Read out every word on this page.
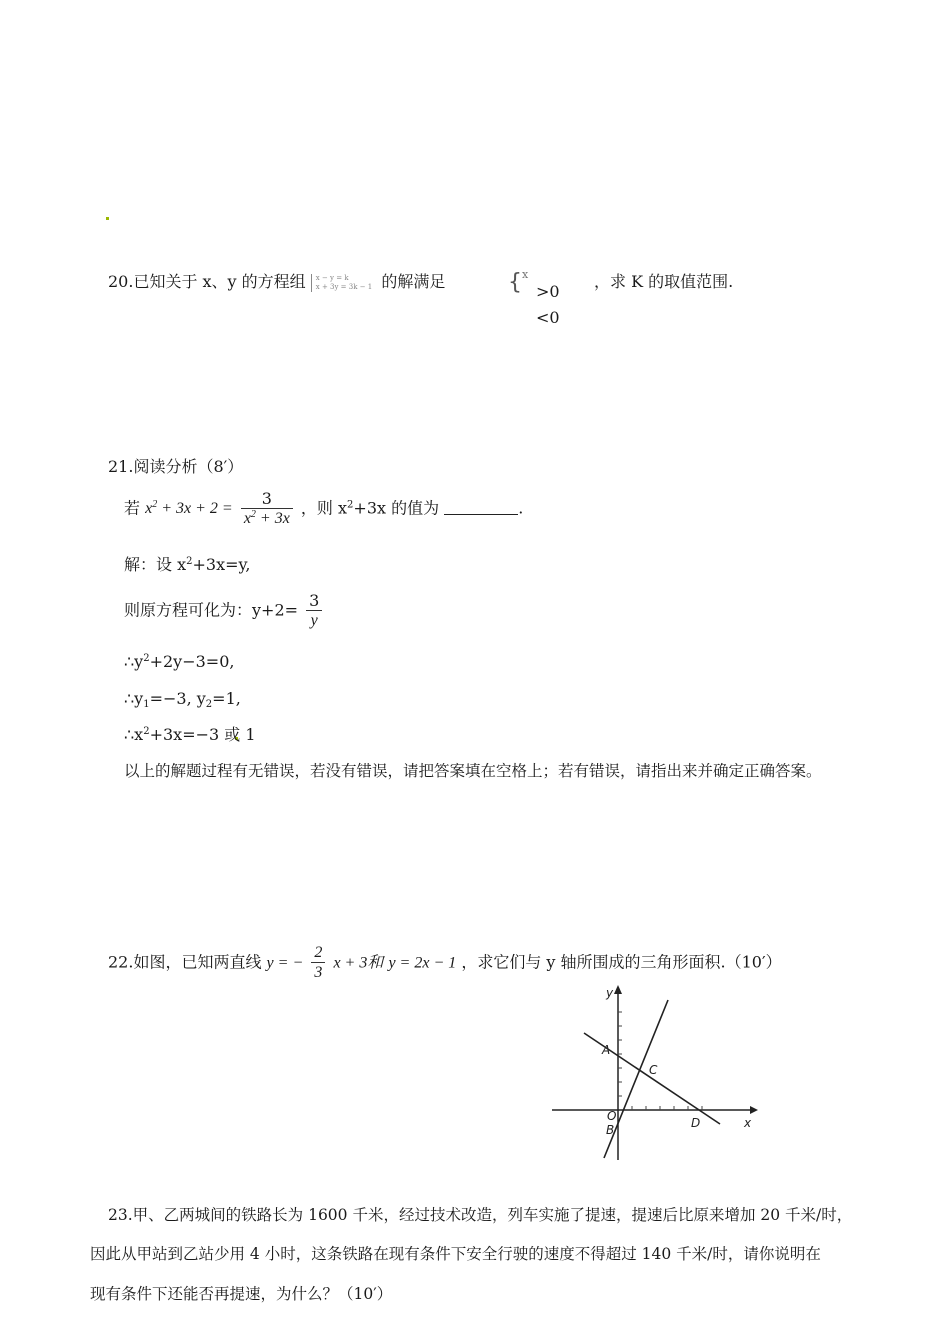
20.已知关于 x、y 的方程组 x − y = k
x + 3y = 3k − 1 的解满足	{ x
>0
<0
，求 K 的取值范围.
21.阅读分析（8′）
若 $x^2 + 3x + 2 = \frac{3}{x^2 + 3x}$ ，则 $x^2+3x$ 的值为	.
解：设 $x^2+3x=y$,
则原方程可化为：$y+2= \frac{3}{y}$
$\therefore y^2+2y-3=0$,
$\therefore y_1=-3$, $y_2=1$,
$\therefore x^2+3x=-3$ 或 1
以上的解题过程有无错误，若没有错误，请把答案填在空格上；若有错误，请指出来并确定正确答案。
22.如图，已知两直线 y = − $\frac{2}{3}$ x + 3和 y = 2x − 1 ，求它们与 y 轴所围成的三角形面积.（10′）
y
x
A
B
C
D
O
23.甲、乙两城间的铁路长为 1600 千米，经过技术改造，列车实施了提速，提速后比原来增加 20 千米/时，
因此从甲站到乙站少用 4 小时，这条铁路在现有条件下安全行驶的速度不得超过 140 千米/时，请你说明在
现有条件下还能否再提速，为什么？（10′）
